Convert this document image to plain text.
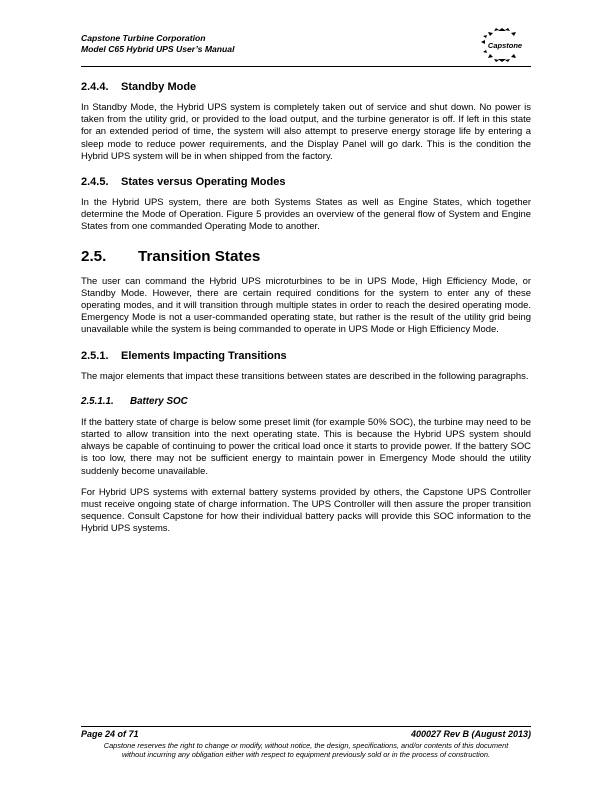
Capstone Turbine Corporation
Model C65 Hybrid UPS User’s Manual	Capstone
2.4.4. Standby Mode

In Standby Mode, the Hybrid UPS system is completely taken out of service and shut down. No power is taken from the utility grid, or provided to the load output, and the turbine generator is off. If left in this state for an extended period of time, the system will also attempt to preserve energy storage life by entering a sleep mode to reduce power requirements, and the Display Panel will go dark. This is the condition the Hybrid UPS system will be in when shipped from the factory.

2.4.5. States versus Operating Modes

In the Hybrid UPS system, there are both Systems States as well as Engine States, which together determine the Mode of Operation. Figure 5 provides an overview of the general flow of System and Engine States from one commanded Operating Mode to another.

2.5. Transition States

The user can command the Hybrid UPS microturbines to be in UPS Mode, High Efficiency Mode, or Standby Mode. However, there are certain required conditions for the system to enter any of these operating modes, and it will transition through multiple states in order to reach the desired operating mode. Emergency Mode is not a user-commanded operating state, but rather is the result of the utility grid being unavailable while the system is being commanded to operate in UPS Mode or High Efficiency Mode.

2.5.1. Elements Impacting Transitions

The major elements that impact these transitions between states are described in the following paragraphs.

2.5.1.1. Battery SOC

If the battery state of charge is below some preset limit (for example 50% SOC), the turbine may need to be started to allow transition into the next operating state. This is because the Hybrid UPS system should always be capable of continuing to power the critical load once it starts to provide power. If the battery SOC is too low, there may not be sufficient energy to maintain power in Emergency Mode should the utility suddenly become unavailable.

For Hybrid UPS systems with external battery systems provided by others, the Capstone UPS Controller must receive ongoing state of charge information. The UPS Controller will then assure the proper transition sequence. Consult Capstone for how their individual battery packs will provide this SOC information to the Hybrid UPS systems.

Page 24 of 71	400027 Rev B (August 2013)
Capstone reserves the right to change or modify, without notice, the design, specifications, and/or contents of this document
without incurring any obligation either with respect to equipment previously sold or in the process of construction.
